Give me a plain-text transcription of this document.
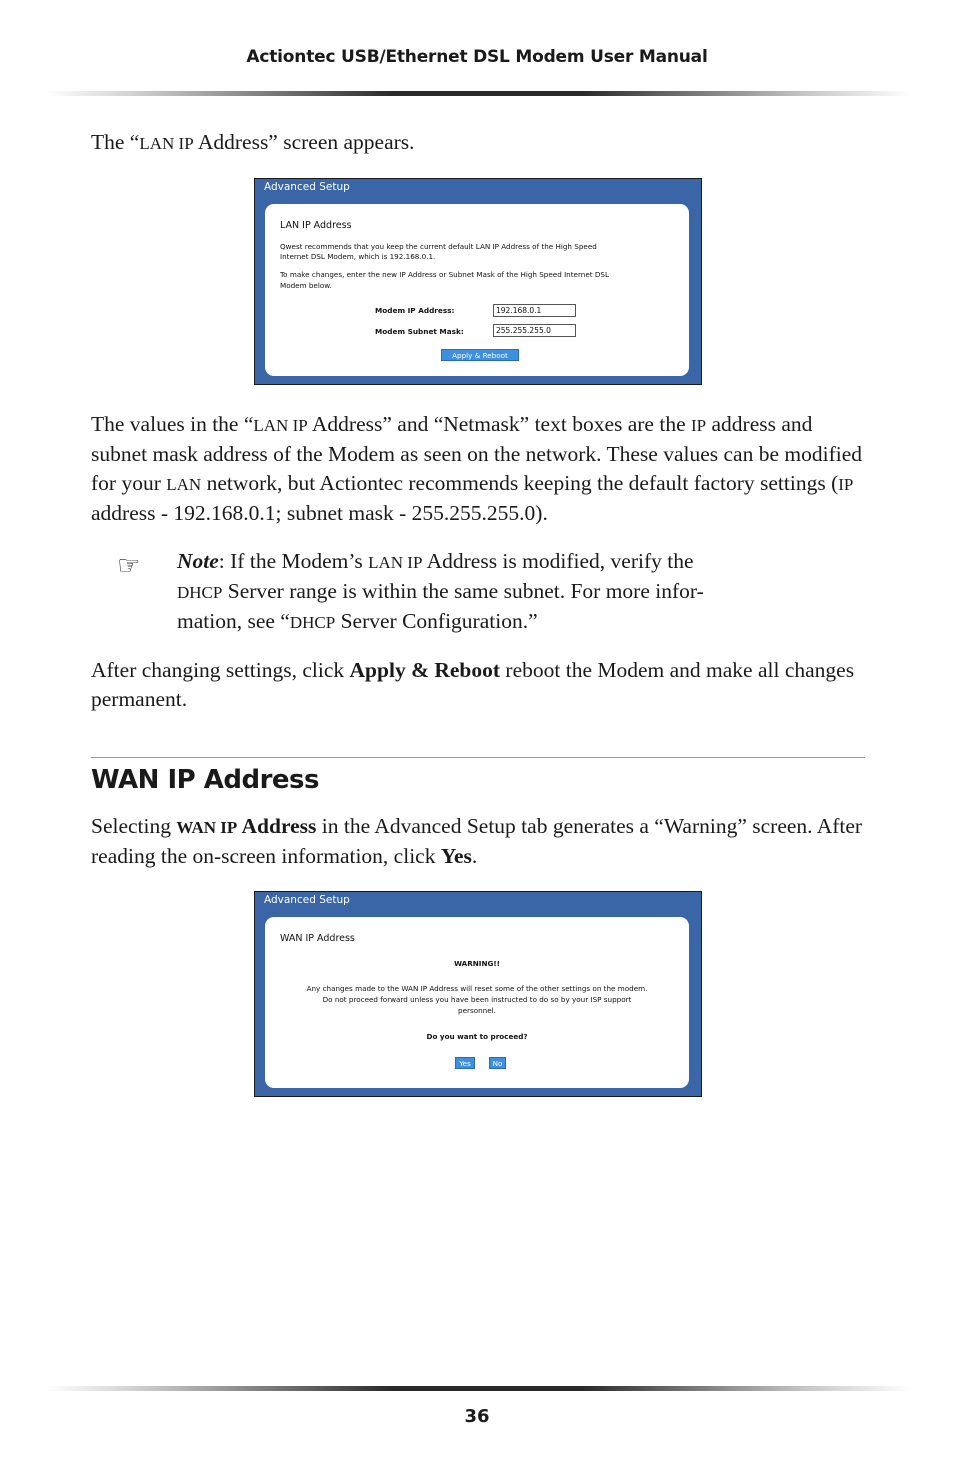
Actiontec USB/Ethernet DSL Modem User Manual
The “LAN IP Address” screen appears.
Advanced Setup
LAN IP Address
Qwest recommends that you keep the current default LAN IP Address of the High Speed
Internet DSL Modem, which is 192.168.0.1.
To make changes, enter the new IP Address or Subnet Mask of the High Speed Internet DSL
Modem below.
Modem IP Address:	192.168.0.1
Modem Subnet Mask:	255.255.255.0
Apply & Reboot
The values in the “LAN IP Address” and “Netmask” text boxes are the IP address and subnet mask address of the Modem as seen on the network. These values can be modified for your LAN network, but Actiontec recommends keeping the default factory settings (IP address - 192.168.0.1; subnet mask - 255.255.255.0).
☞	Note: If the Modem’s LAN IP Address is modified, verify the
DHCP Server range is within the same subnet. For more infor-
mation, see “DHCP Server Configuration.”
After changing settings, click Apply & Reboot reboot the Modem and make all changes permanent.
WAN IP Address
Selecting WAN IP Address in the Advanced Setup tab generates a “Warning” screen. After reading the on-screen information, click Yes.
Advanced Setup
WAN IP Address
WARNING!!
Any changes made to the WAN IP Address will reset some of the other settings on the modem.
Do not proceed forward unless you have been instructed to do so by your ISP support
personnel.
Do you want to proceed?
Yes	No
36
